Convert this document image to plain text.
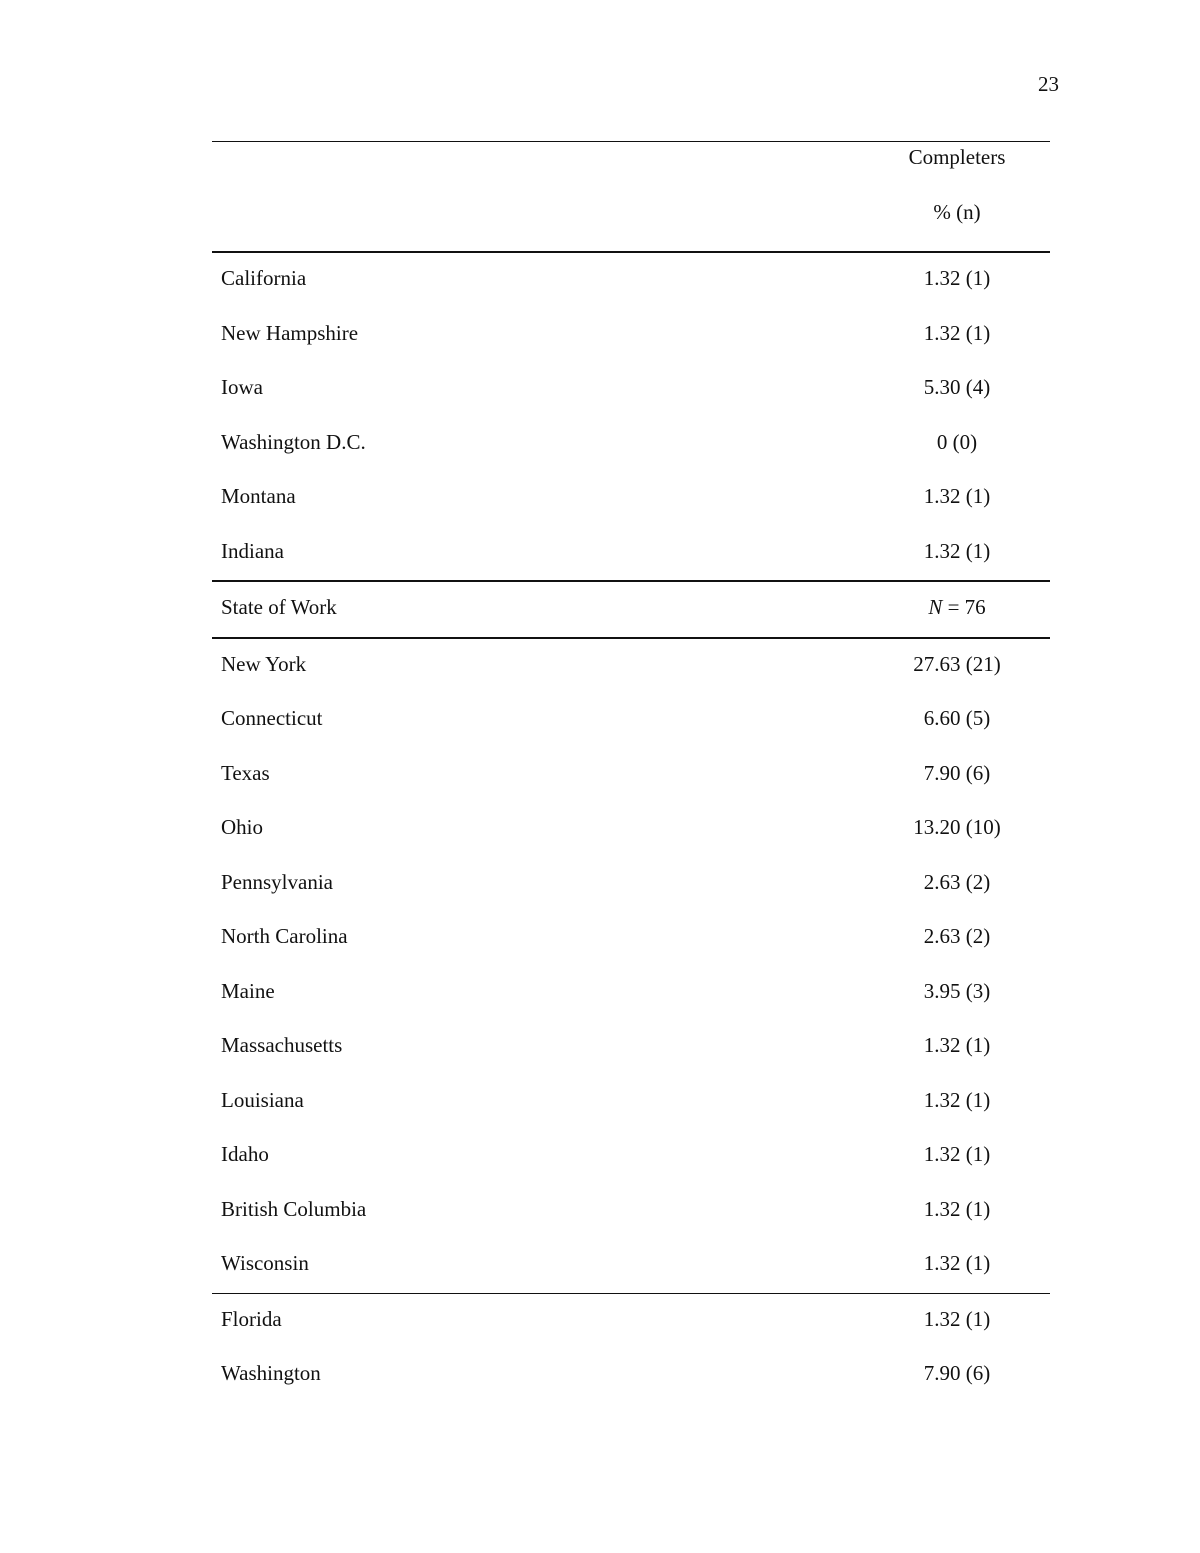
23
Completers
% (n)
California	1.32 (1)
New Hampshire	1.32 (1)
Iowa	5.30 (4)
Washington D.C.	0 (0)
Montana	1.32 (1)
Indiana	1.32 (1)
State of Work	N = 76
New York	27.63 (21)
Connecticut	6.60 (5)
Texas	7.90 (6)
Ohio	13.20 (10)
Pennsylvania	2.63 (2)
North Carolina	2.63 (2)
Maine	3.95 (3)
Massachusetts	1.32 (1)
Louisiana	1.32 (1)
Idaho	1.32 (1)
British Columbia	1.32 (1)
Wisconsin	1.32 (1)
Florida	1.32 (1)
Washington	7.90 (6)
